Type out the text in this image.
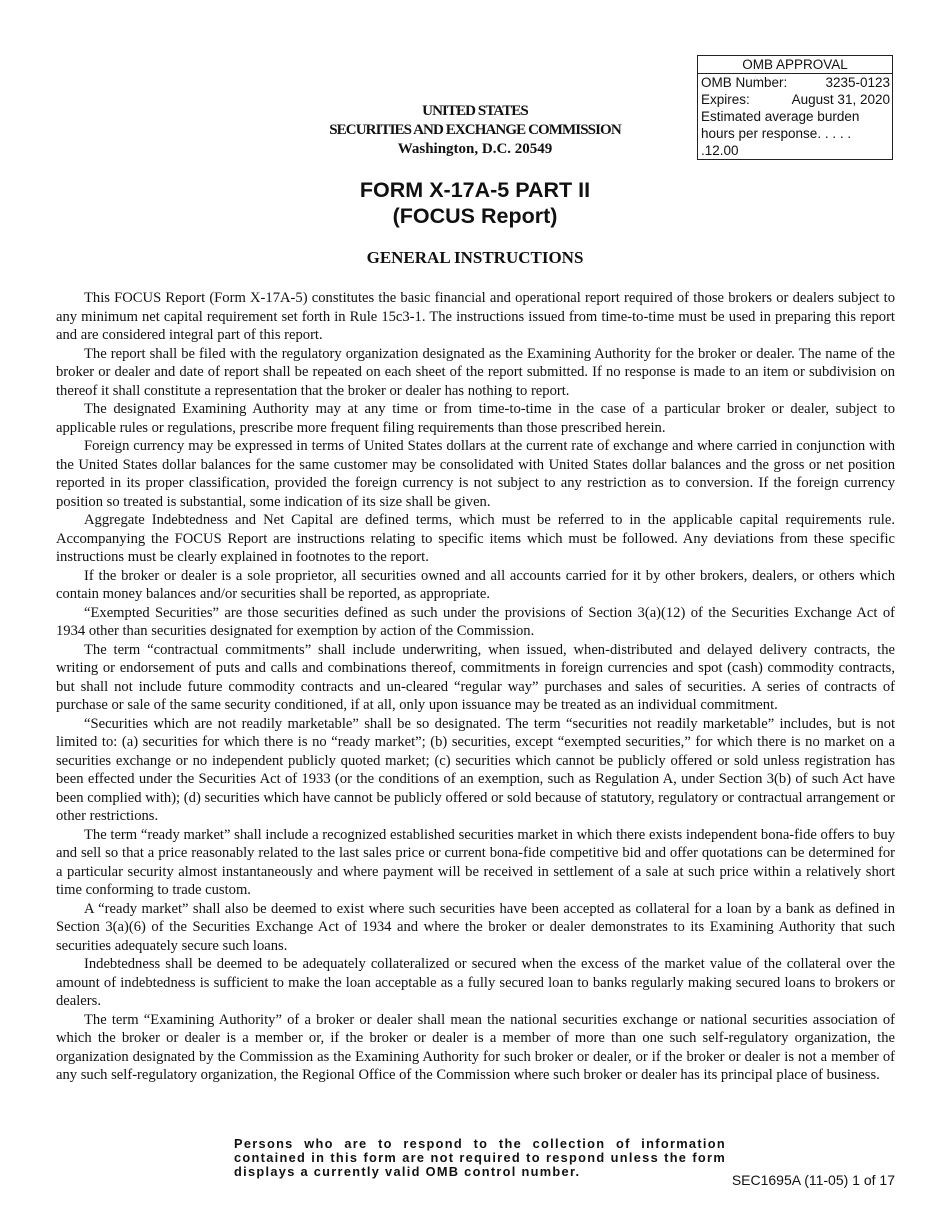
OMB APPROVAL
OMB Number:	3235-0123
Expires:	August 31, 2020
Estimated average burden
hours per response. . . . . .12.00
UNITED STATES
SECURITIES AND EXCHANGE COMMISSION
Washington, D.C. 20549
FORM X-17A-5 PART II
(FOCUS Report)
GENERAL INSTRUCTIONS

This FOCUS Report (Form X-17A-5) constitutes the basic financial and operational report required of those brokers or dealers subject to any minimum net capital requirement set forth in Rule 15c3-1. The instructions issued from time-to-time must be used in preparing this report and are considered integral part of this report.

The report shall be filed with the regulatory organization designated as the Examining Authority for the broker or dealer. The name of the broker or dealer and date of report shall be repeated on each sheet of the report submitted. If no response is made to an item or subdivision on thereof it shall constitute a representation that the broker or dealer has nothing to report.

The designated Examining Authority may at any time or from time-to-time in the case of a particular broker or dealer, subject to applicable rules or regulations, prescribe more frequent filing requirements than those prescribed herein.

Foreign currency may be expressed in terms of United States dollars at the current rate of exchange and where carried in conjunction with the United States dollar balances for the same customer may be consolidated with United States dollar balances and the gross or net position reported in its proper classification, provided the foreign currency is not subject to any restriction as to conversion. If the foreign currency position so treated is substantial, some indication of its size shall be given.

Aggregate Indebtedness and Net Capital are defined terms, which must be referred to in the applicable capital requirements rule. Accompanying the FOCUS Report are instructions relating to specific items which must be followed. Any deviations from these specific instructions must be clearly explained in footnotes to the report.

If the broker or dealer is a sole proprietor, all securities owned and all accounts carried for it by other brokers, dealers, or others which contain money balances and/or securities shall be reported, as appropriate.

“Exempted Securities” are those securities defined as such under the provisions of Section 3(a)(12) of the Securities Exchange Act of 1934 other than securities designated for exemption by action of the Commission.

The term “contractual commitments” shall include underwriting, when issued, when-distributed and delayed delivery contracts, the writing or endorsement of puts and calls and combinations thereof, commitments in foreign currencies and spot (cash) commodity contracts, but shall not include future commodity contracts and un-cleared “regular way” purchases and sales of securities. A series of contracts of purchase or sale of the same security conditioned, if at all, only upon issuance may be treated as an individual commitment.

“Securities which are not readily marketable” shall be so designated. The term “securities not readily marketable” includes, but is not limited to: (a) securities for which there is no “ready market”; (b) securities, except “exempted securities,” for which there is no market on a securities exchange or no independent publicly quoted market; (c) securities which cannot be publicly offered or sold unless registration has been effected under the Securities Act of 1933 (or the conditions of an exemption, such as Regulation A, under Section 3(b) of such Act have been complied with); (d) securities which have cannot be publicly offered or sold because of statutory, regulatory or contractual arrangement or other restrictions.

The term “ready market” shall include a recognized established securities market in which there exists independent bona-fide offers to buy and sell so that a price reasonably related to the last sales price or current bona-fide competitive bid and offer quotations can be determined for a particular security almost instantaneously and where payment will be received in settlement of a sale at such price within a relatively short time conforming to trade custom.

A “ready market” shall also be deemed to exist where such securities have been accepted as collateral for a loan by a bank as defined in Section 3(a)(6) of the Securities Exchange Act of 1934 and where the broker or dealer demonstrates to its Examining Authority that such securities adequately secure such loans.

Indebtedness shall be deemed to be adequately collateralized or secured when the excess of the market value of the collateral over the amount of indebtedness is sufficient to make the loan acceptable as a fully secured loan to banks regularly making secured loans to brokers or dealers.

The term “Examining Authority” of a broker or dealer shall mean the national securities exchange or national securities association of which the broker or dealer is a member or, if the broker or dealer is a member of more than one such self-regulatory organization, the organization designated by the Commission as the Examining Authority for such broker or dealer, or if the broker or dealer is not a member of any such self-regulatory organization, the Regional Office of the Commission where such broker or dealer has its principal place of business.

Persons who are to respond to the collection of information contained in this form are not required to respond unless the form displays a currently valid OMB control number.
SEC1695A (11-05) 1 of 17
